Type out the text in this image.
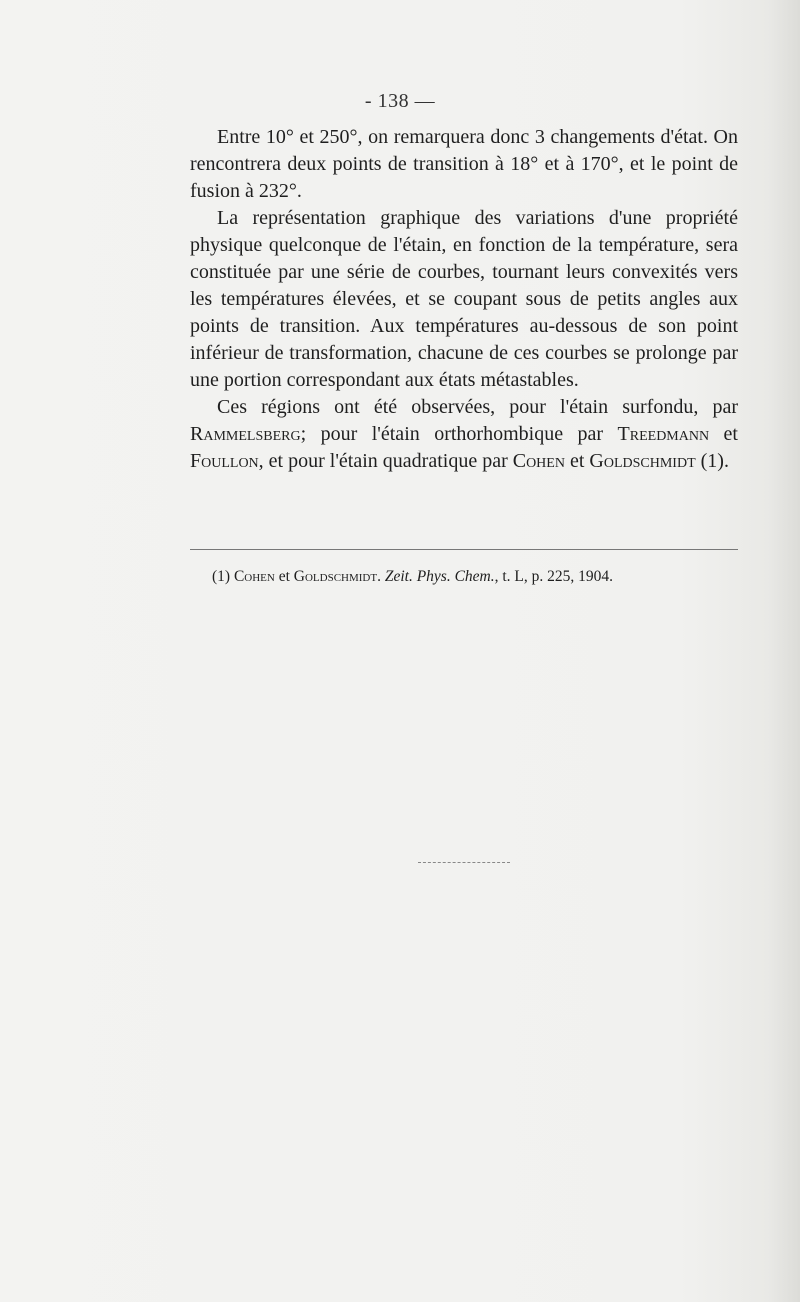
- 138 —

Entre 10° et 250°, on remarquera donc 3 changements d'état. On rencontrera deux points de transition à 18° et à 170°, et le point de fusion à 232°.

La représentation graphique des variations d'une propriété physique quelconque de l'étain, en fonction de la température, sera constituée par une série de courbes, tournant leurs convexités vers les températures élevées, et se coupant sous de petits angles aux points de transition. Aux températures au-dessous de son point inférieur de transformation, chacune de ces courbes se prolonge par une portion correspondant aux états métastables.

Ces régions ont été observées, pour l'étain surfondu, par Rammelsberg; pour l'étain orthorhombique par Treedmann et Foullon, et pour l'étain quadratique par Cohen et Goldschmidt (1).

(1) Cohen et Goldschmidt. Zeit. Phys. Chem., t. L, p. 225, 1904.
